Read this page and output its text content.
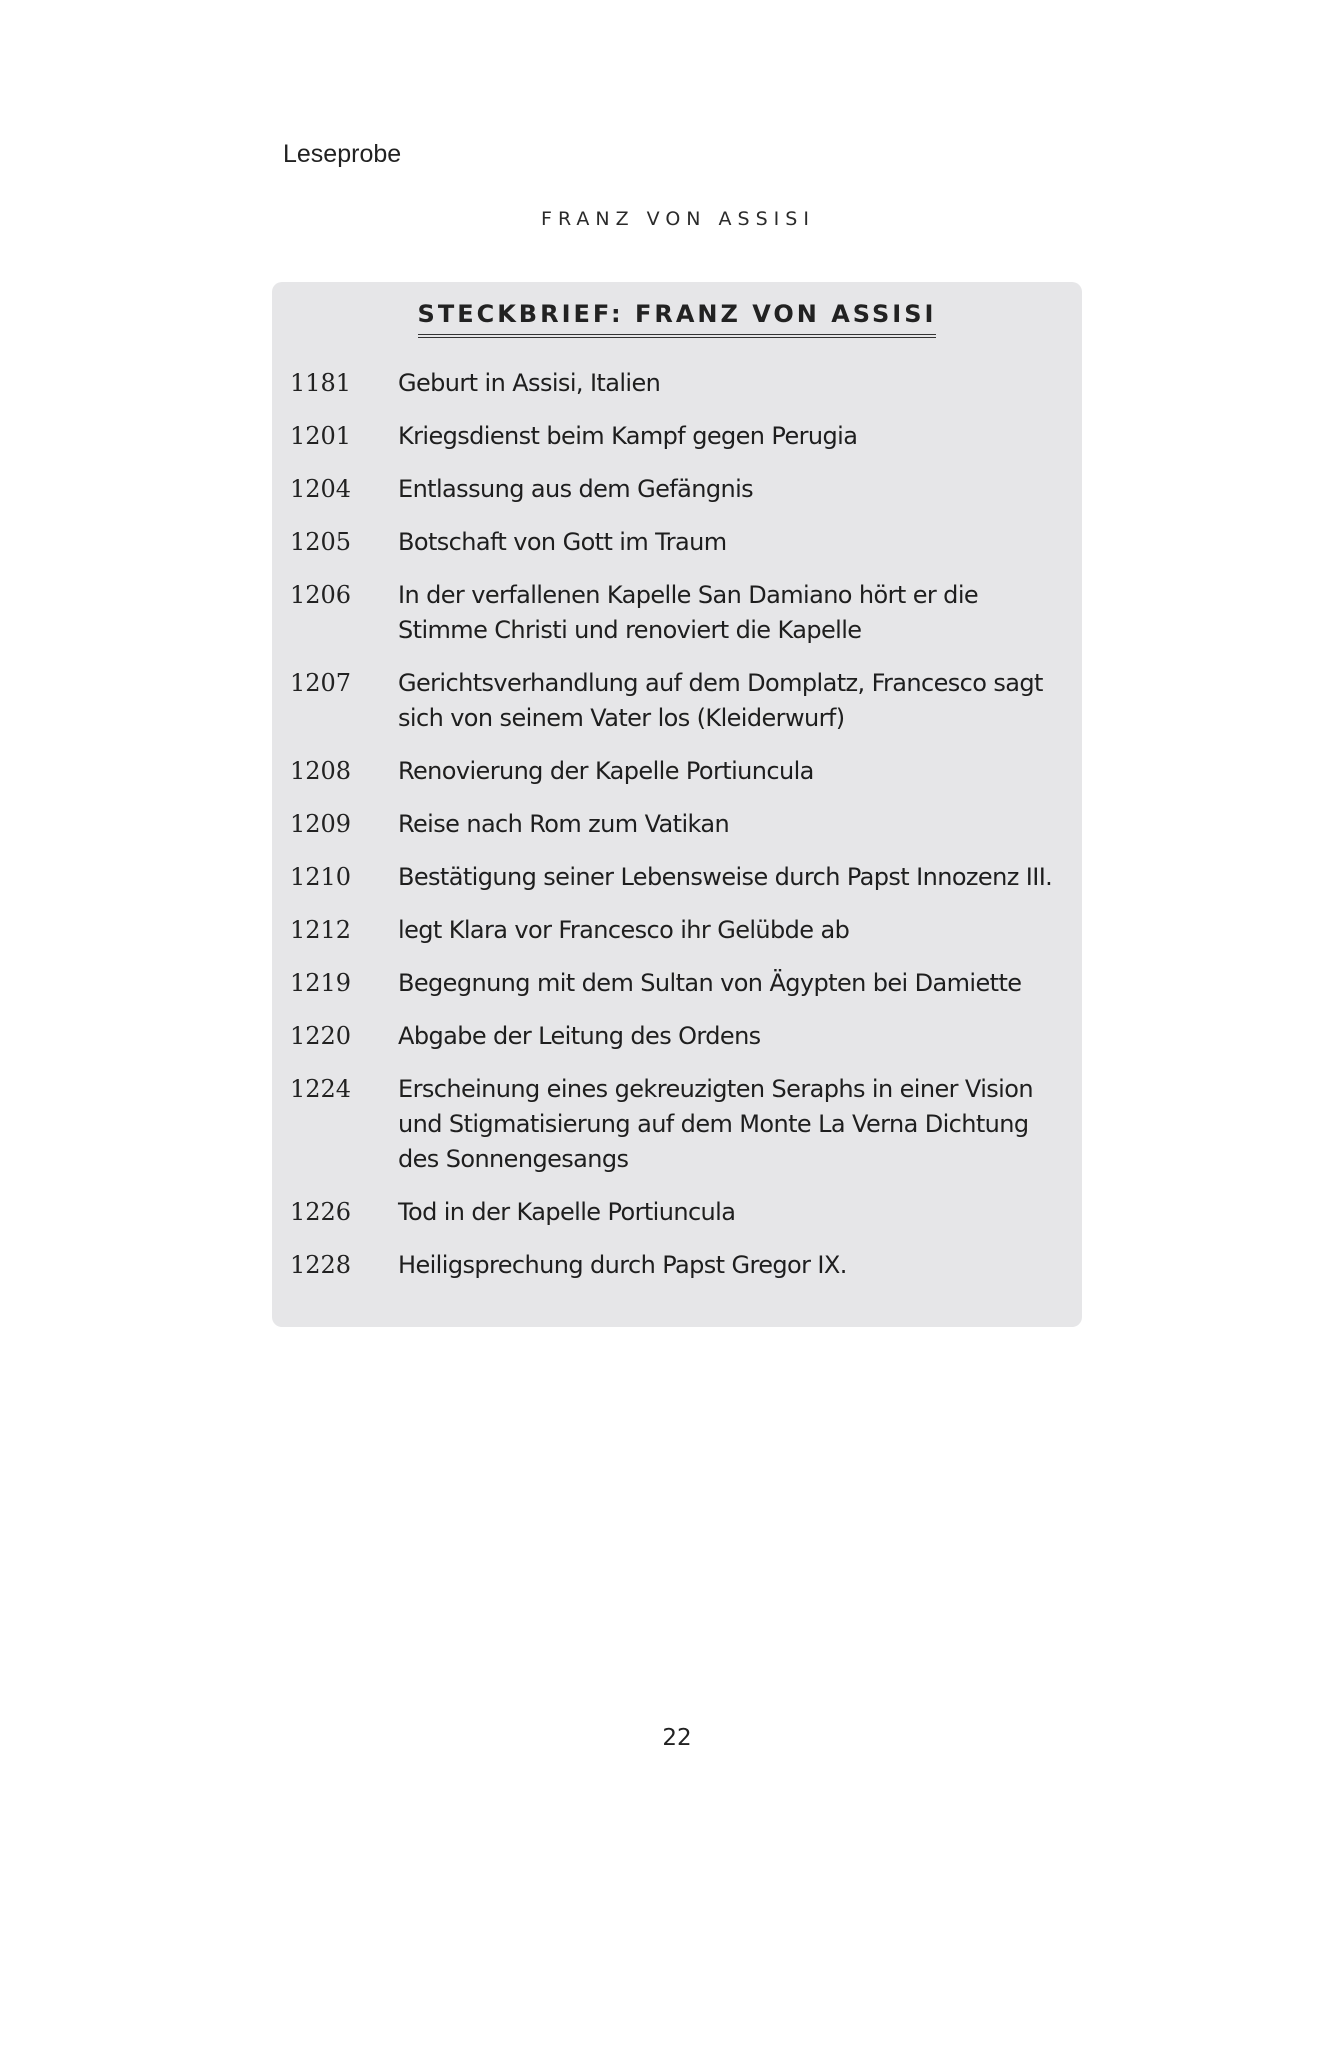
Leseprobe
FRANZ VON ASSISI
STECKBRIEF: FRANZ VON ASSISI
1181	Geburt in Assisi, Italien
1201	Kriegsdienst beim Kampf gegen Perugia
1204	Entlassung aus dem Gefängnis
1205	Botschaft von Gott im Traum
1206	In der verfallenen Kapelle San Damiano hört er die Stimme Christi und renoviert die Kapelle
1207	Gerichtsverhandlung auf dem Domplatz, Francesco sagt sich von seinem Vater los (Kleiderwurf)
1208	Renovierung der Kapelle Portiuncula
1209	Reise nach Rom zum Vatikan
1210	Bestätigung seiner Lebensweise durch Papst Innozenz III.
1212	legt Klara vor Francesco ihr Gelübde ab
1219	Begegnung mit dem Sultan von Ägypten bei Damiette
1220	Abgabe der Leitung des Ordens
1224	Erscheinung eines gekreuzigten Seraphs in einer Vision und Stigmatisierung auf dem Monte La Verna Dichtung des Sonnengesangs
1226	Tod in der Kapelle Portiuncula
1228	Heiligsprechung durch Papst Gregor IX.
22
